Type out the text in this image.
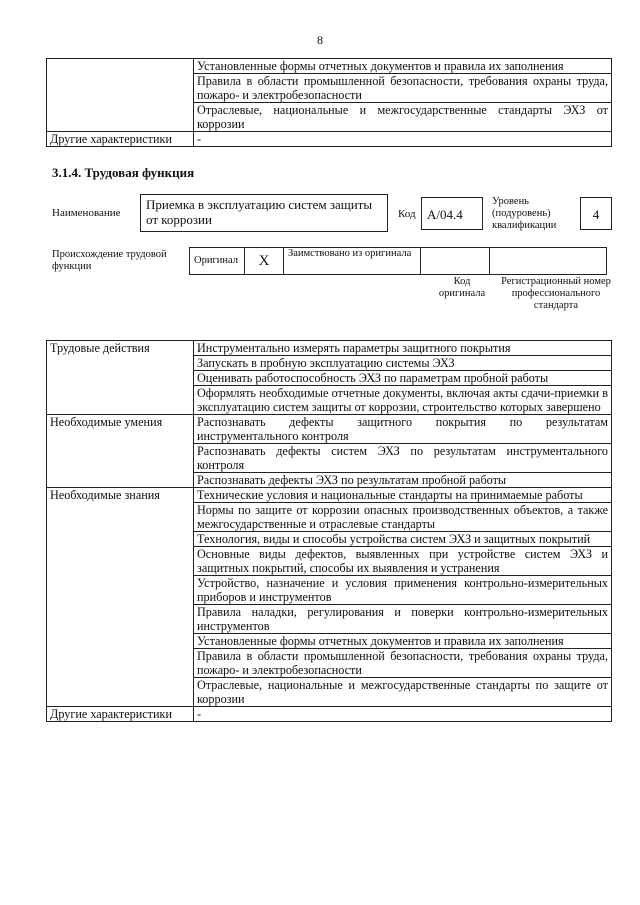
8
	Установленные формы отчетных документов и правила их заполнения
	Правила в области промышленной безопасности, требования охраны труда, пожаро- и электробезопасности
	Отраслевые, национальные и межгосударственные стандарты ЭХЗ от коррозии
Другие характеристики	-
3.1.4. Трудовая функция
Наименование
Приемка в эксплуатацию систем защиты от коррозии	Код А/04.4
Уровень (подуровень) квалификации
4
Происхождение трудовой функции
Оригинал	X	Заимствовано из оригинала		
Код оригинала
Регистрационный номер профессионального стандарта
Трудовые действия	Инструментально измерять параметры защитного покрытия
	Запускать в пробную эксплуатацию системы ЭХЗ
	Оценивать работоспособность ЭХЗ по параметрам пробной работы
	Оформлять необходимые отчетные документы, включая акты сдачи-приемки в эксплуатацию систем защиты от коррозии, строительство которых завершено
Необходимые умения	Распознавать дефекты защитного покрытия по результатам инструментального контроля
	Распознавать дефекты систем ЭХЗ по результатам инструментального контроля
	Распознавать дефекты ЭХЗ по результатам пробной работы
Необходимые знания	Технические условия и национальные стандарты на принимаемые работы
	Нормы по защите от коррозии опасных производственных объектов, а также межгосударственные и отраслевые стандарты
	Технология, виды и способы устройства систем ЭХЗ и защитных покрытий
	Основные виды дефектов, выявленных при устройстве систем ЭХЗ и защитных покрытий, способы их выявления и устранения
	Устройство, назначение и условия применения контрольно-измерительных приборов и инструментов
	Правила наладки, регулирования и поверки контрольно-измерительных инструментов
	Установленные формы отчетных документов и правила их заполнения
	Правила в области промышленной безопасности, требования охраны труда, пожаро- и электробезопасности
	Отраслевые, национальные и межгосударственные стандарты по защите от коррозии
Другие характеристики	-
